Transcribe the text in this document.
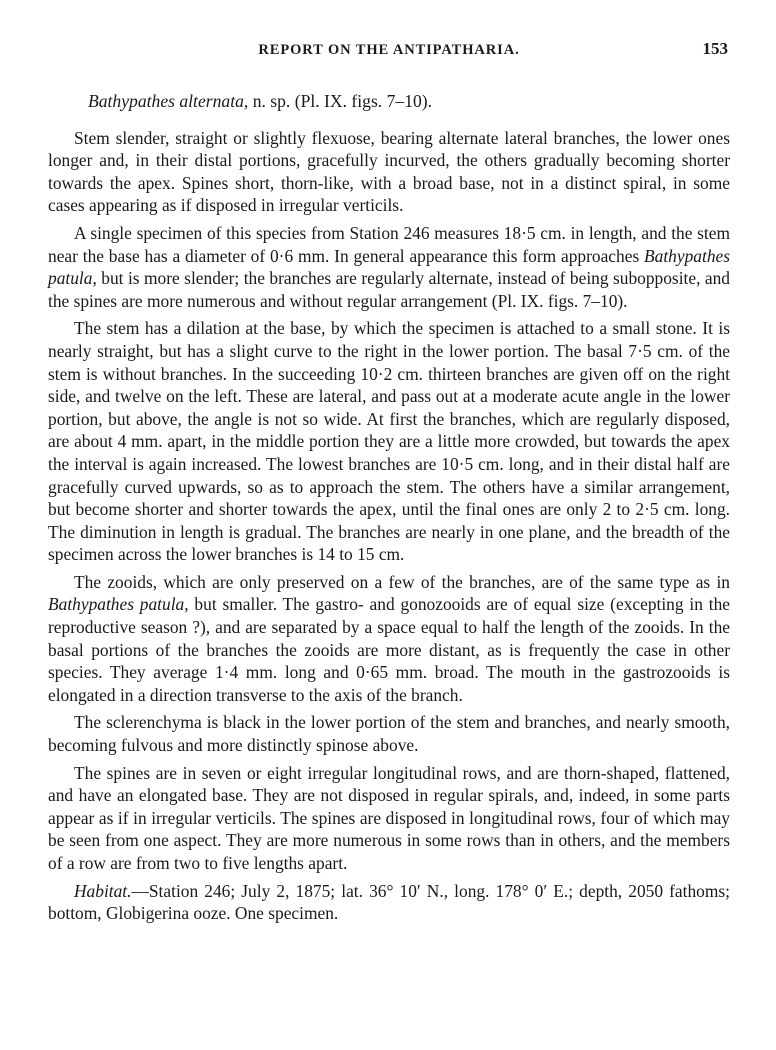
REPORT ON THE ANTIPATHARIA.	153
Bathypathes alternata, n. sp. (Pl. IX. figs. 7–10).

Stem slender, straight or slightly flexuose, bearing alternate lateral branches, the lower ones longer and, in their distal portions, gracefully incurved, the others gradually becoming shorter towards the apex. Spines short, thorn-like, with a broad base, not in a distinct spiral, in some cases appearing as if disposed in irregular verticils.

A single specimen of this species from Station 246 measures 18·5 cm. in length, and the stem near the base has a diameter of 0·6 mm. In general appearance this form approaches Bathypathes patula, but is more slender; the branches are regularly alternate, instead of being subopposite, and the spines are more numerous and without regular arrangement (Pl. IX. figs. 7–10).

The stem has a dilation at the base, by which the specimen is attached to a small stone. It is nearly straight, but has a slight curve to the right in the lower portion. The basal 7·5 cm. of the stem is without branches. In the succeeding 10·2 cm. thirteen branches are given off on the right side, and twelve on the left. These are lateral, and pass out at a moderate acute angle in the lower portion, but above, the angle is not so wide. At first the branches, which are regularly disposed, are about 4 mm. apart, in the middle portion they are a little more crowded, but towards the apex the interval is again increased. The lowest branches are 10·5 cm. long, and in their distal half are gracefully curved upwards, so as to approach the stem. The others have a similar arrangement, but become shorter and shorter towards the apex, until the final ones are only 2 to 2·5 cm. long. The diminution in length is gradual. The branches are nearly in one plane, and the breadth of the specimen across the lower branches is 14 to 15 cm.

The zooids, which are only preserved on a few of the branches, are of the same type as in Bathypathes patula, but smaller. The gastro- and gonozooids are of equal size (excepting in the reproductive season ?), and are separated by a space equal to half the length of the zooids. In the basal portions of the branches the zooids are more distant, as is frequently the case in other species. They average 1·4 mm. long and 0·65 mm. broad. The mouth in the gastrozooids is elongated in a direction transverse to the axis of the branch.

The sclerenchyma is black in the lower portion of the stem and branches, and nearly smooth, becoming fulvous and more distinctly spinose above.

The spines are in seven or eight irregular longitudinal rows, and are thorn-shaped, flattened, and have an elongated base. They are not disposed in regular spirals, and, indeed, in some parts appear as if in irregular verticils. The spines are disposed in longitudinal rows, four of which may be seen from one aspect. They are more numerous in some rows than in others, and the members of a row are from two to five lengths apart.

Habitat.—Station 246; July 2, 1875; lat. 36° 10′ N., long. 178° 0′ E.; depth, 2050 fathoms; bottom, Globigerina ooze. One specimen.
